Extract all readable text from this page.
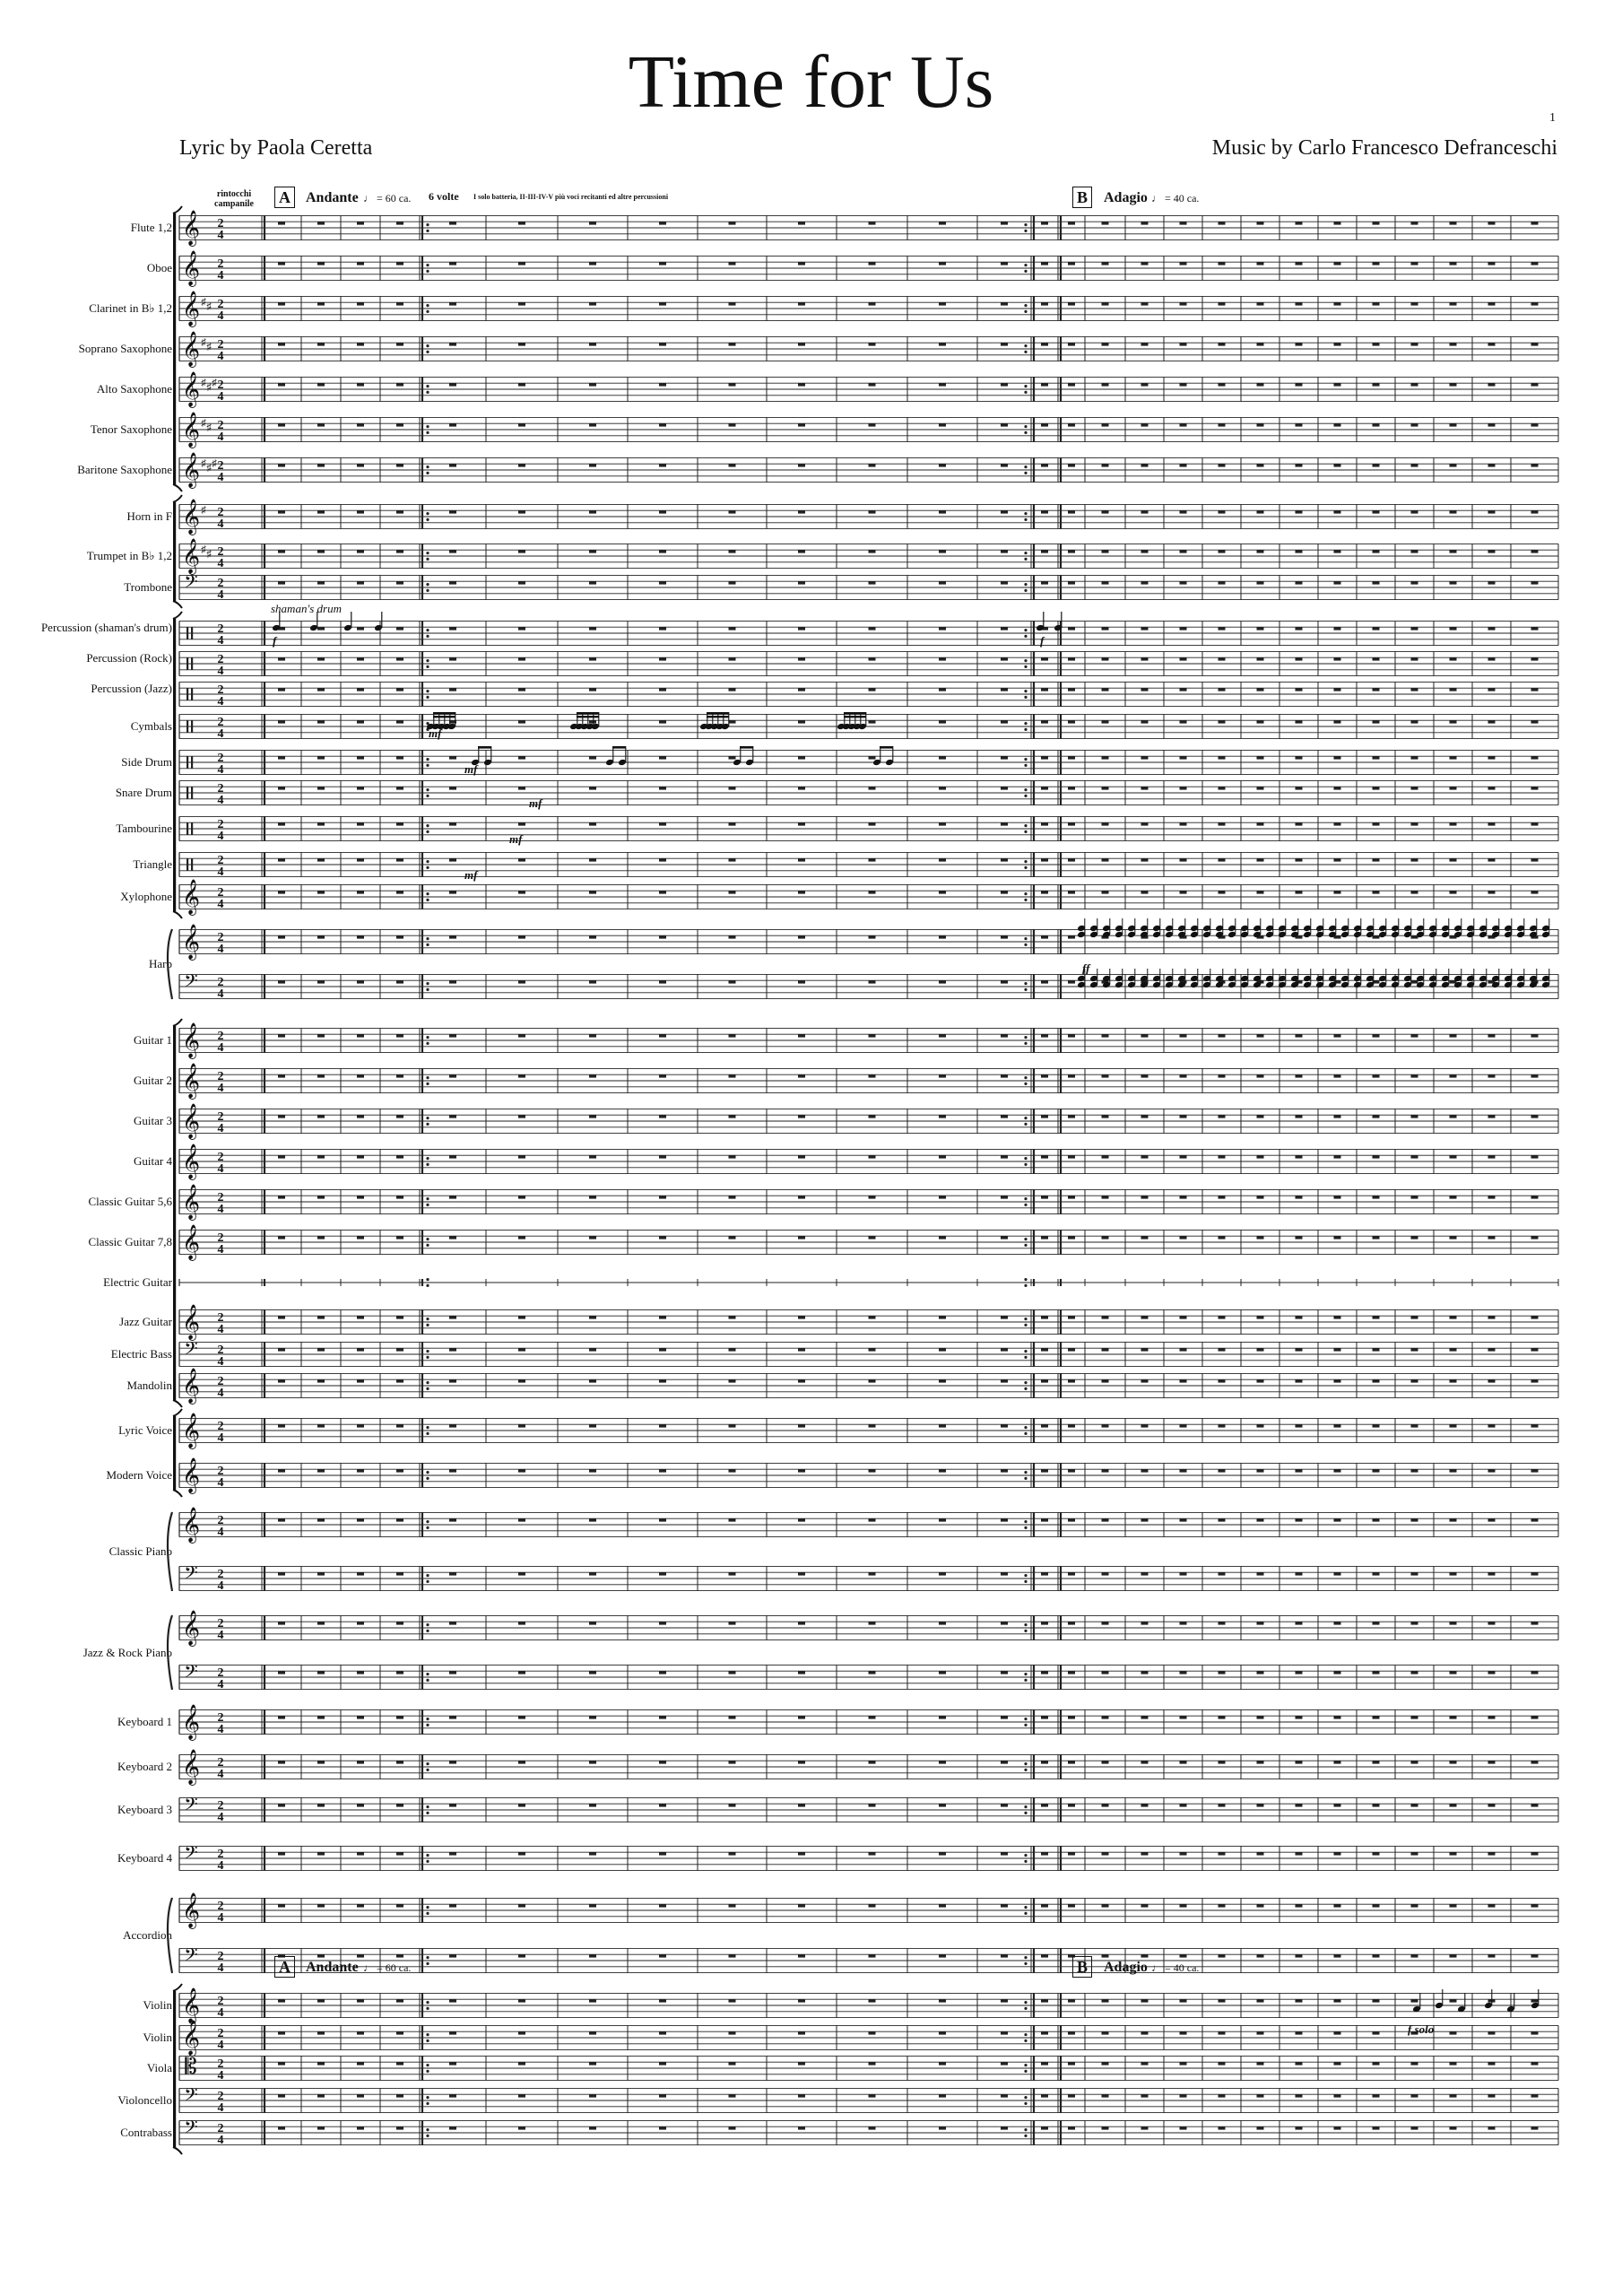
Time for Us	1
Lyric by Paola Ceretta	Music by Carlo Francesco Defranceschi
Flute 1,2
Oboe
Clarinet in B♭ 1,2
Soprano Saxophone
Alto Saxophone
Tenor Saxophone
Baritone Saxophone
Horn in F
Trumpet in B♭ 1,2
Trombone
Percussion (shaman's drum)
Percussion (Rock)
Percussion (Jazz)
Cymbals
Side Drum
Snare Drum
Tambourine
Triangle
Xylophone
Harp
Guitar 1
Guitar 2
Guitar 3
Guitar 4
Classic Guitar 5,6
Classic Guitar 7,8
Electric Guitar
Jazz Guitar
Electric Bass
Mandolin
Lyric Voice
Modern Voice
Classic Piano
Jazz & Rock Piano
Keyboard 1
Keyboard 2
Keyboard 3
Keyboard 4
Accordion
Violin
Violin
Viola
Violoncello
Contrabass
𝄞 2
4
𝄞 2
4
𝄞 ♯ ♯ 2
4
𝄞 ♯ ♯ 2
4
𝄞 ♯ ♯ ♯ 2
4
𝄞 ♯ ♯ 2
4
𝄞 ♯ ♯ ♯ 2
4
𝄞 ♯ 2
4
𝄞 ♯ ♯ 2
4
𝄢 2
4
2
4
2
4
2
4
2
4
2
4
2
4
2
4
2
4
𝄞 2
4
𝄞 2
4
𝄢 2
4
𝄞 2
4
𝄞 2
4
𝄞 2
4
𝄞 2
4
𝄞 2
4
𝄞 2
4
𝄞 2
4
𝄢 2
4
𝄞 2
4
𝄞 2
4
𝄞 2
4
𝄞 2
4
𝄢 2
4
𝄞 2
4
𝄢 2
4
𝄞 2
4
𝄞 2
4
𝄢 2
4
𝄢 2
4
𝄞 2
4
𝄢 2
4
𝄞 2
4
𝄞 2
4
𝄡 2
4
𝄢 2
4
𝄢 2
4
rintocchi campanile A	Andante ♩ = 60 ca. 6 volte I solo batteria, II-III-IV-V più voci recitanti ed altre percussioni	B	Adagio ♩ = 40 ca.
A	Andante ♩ = 60 ca.	B	Adagio ♩ = 40 ca.
shaman's drum
f	f
mf
mf
mf
mf
mf
ff
f solo
